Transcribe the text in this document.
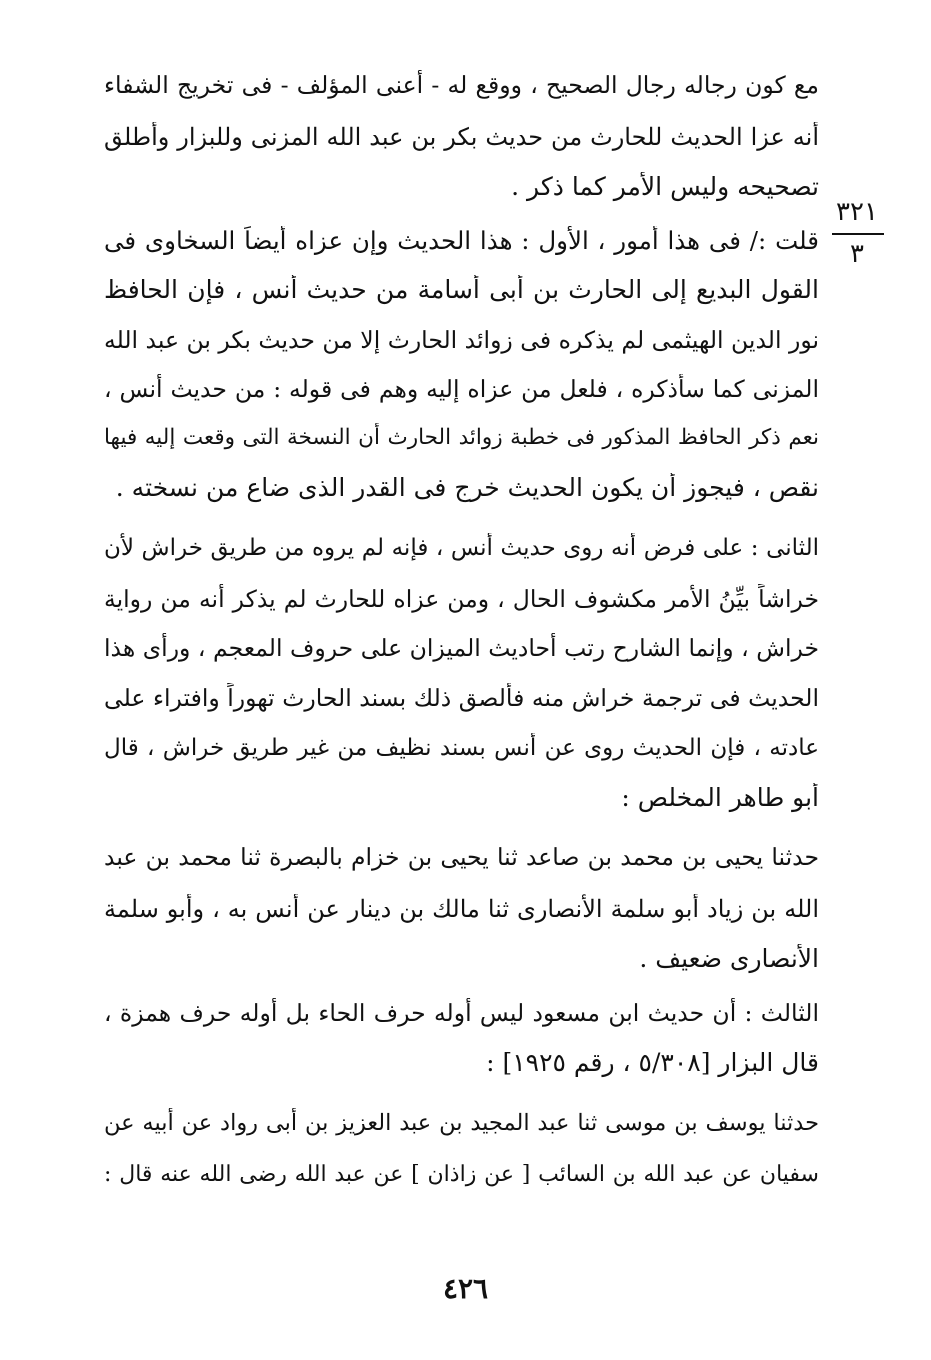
مع كون رجاله رجال الصحيح ، ووقع له - أعنى المؤلف - فى تخريج الشفاء
أنه عزا الحديث للحارث من حديث بكر بن عبد الله المزنى وللبزار وأطلق
تصحيحه وليس الأمر كما ذكر .
قلت :/ فى هذا أمور ، الأول : هذا الحديث وإن عزاه أيضاً السخاوى فى
القول البديع إلى الحارث بن أبى أسامة من حديث أنس ، فإن الحافظ
نور الدين الهيثمى لم يذكره فى زوائد الحارث إلا من حديث بكر بن عبد الله
المزنى كما سأذكره ، فلعل من عزاه إليه وهم فى قوله : من حديث أنس ،
نعم ذكر الحافظ المذكور فى خطبة زوائد الحارث أن النسخة التى وقعت إليه فيها
نقص ، فيجوز أن يكون الحديث خرج فى القدر الذى ضاع من نسخته .
الثانى : على فرض أنه روى حديث أنس ، فإنه لم يروه من طريق خراش لأن
خراشاً بيِّنُ الأمر مكشوف الحال ، ومن عزاه للحارث لم يذكر أنه من رواية
خراش ، وإنما الشارح رتب أحاديث الميزان على حروف المعجم ، ورأى هذا
الحديث فى ترجمة خراش منه فألصق ذلك بسند الحارث تهوراً وافتراء على
عادته ، فإن الحديث روى عن أنس بسند نظيف من غير طريق خراش ، قال
أبو طاهر المخلص :
حدثنا يحيى بن محمد بن صاعد ثنا يحيى بن خزام بالبصرة ثنا محمد بن عبد
الله بن زياد أبو سلمة الأنصارى ثنا مالك بن دينار عن أنس به ، وأبو سلمة
الأنصارى ضعيف .
الثالث : أن حديث ابن مسعود ليس أوله حرف الحاء بل أوله حرف همزة ،
قال البزار [٥/٣٠٨ ، رقم ١٩٢٥] :
حدثنا يوسف بن موسى ثنا عبد المجيد بن عبد العزيز بن أبى رواد عن أبيه عن
سفيان عن عبد الله بن السائب [ عن زاذان ] عن عبد الله رضى الله عنه قال :
٣٢١
٣
٤٢٦
